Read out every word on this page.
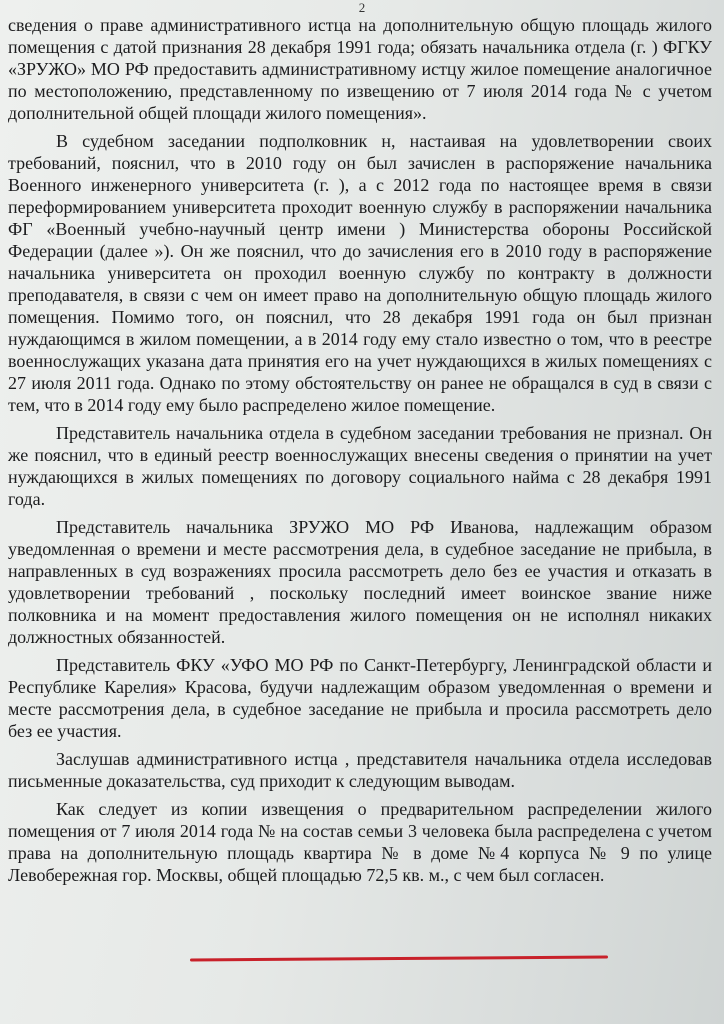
2

сведения о праве административного истца на дополнительную общую площадь жилого помещения с датой признания 28 декабря 1991 года; обязать начальника отдела (г. ) ФГКУ «ЗРУЖО» МО РФ предоставить административному истцу жилое помещение аналогичное по местоположению, представленному по извещению от 7 июля 2014 года № с учетом дополнительной общей площади жилого помещения».

В судебном заседании подполковник н, настаивая на удовлетворении своих требований, пояснил, что в 2010 году он был зачислен в распоряжение начальника Военного инженерного университета (г. ), а с 2012 года по настоящее время в связи переформированием университета проходит военную службу в распоряжении начальника ФГ «Военный учебно-научный центр имени ) Министерства обороны Российской Федерации (далее »). Он же пояснил, что до зачисления его в 2010 году в распоряжение начальника университета он проходил военную службу по контракту в должности преподавателя, в связи с чем он имеет право на дополнительную общую площадь жилого помещения. Помимо того, он пояснил, что 28 декабря 1991 года он был признан нуждающимся в жилом помещении, а в 2014 году ему стало известно о том, что в реестре военнослужащих указана дата принятия его на учет нуждающихся в жилых помещениях с 27 июля 2011 года. Однако по этому обстоятельству он ранее не обращался в суд в связи с тем, что в 2014 году ему было распределено жилое помещение.

Представитель начальника отдела в судебном заседании требования не признал. Он же пояснил, что в единый реестр военнослужащих внесены сведения о принятии на учет нуждающихся в жилых помещениях по договору социального найма с 28 декабря 1991 года.

Представитель начальника ЗРУЖО МО РФ Иванова, надлежащим образом уведомленная о времени и месте рассмотрения дела, в судебное заседание не прибыла, в направленных в суд возражениях просила рассмотреть дело без ее участия и отказать в удовлетворении требований , поскольку последний имеет воинское звание ниже полковника и на момент предоставления жилого помещения он не исполнял никаких должностных обязанностей.

Представитель ФКУ «УФО МО РФ по Санкт-Петербургу, Ленинградской области и Республике Карелия» Красова, будучи надлежащим образом уведомленная о времени и месте рассмотрения дела, в судебное заседание не прибыла и просила рассмотреть дело без ее участия.

Заслушав административного истца , представителя начальника отдела исследовав письменные доказательства, суд приходит к следующим выводам.

Как следует из копии извещения о предварительном распределении жилого помещения от 7 июля 2014 года № на состав семьи 3 человека была распределена с учетом права на дополнительную площадь квартира № в доме №4 корпуса № 9 по улице Левобережная гор. Москвы, общей площадью 72,5 кв. м., с чем был согласен.
